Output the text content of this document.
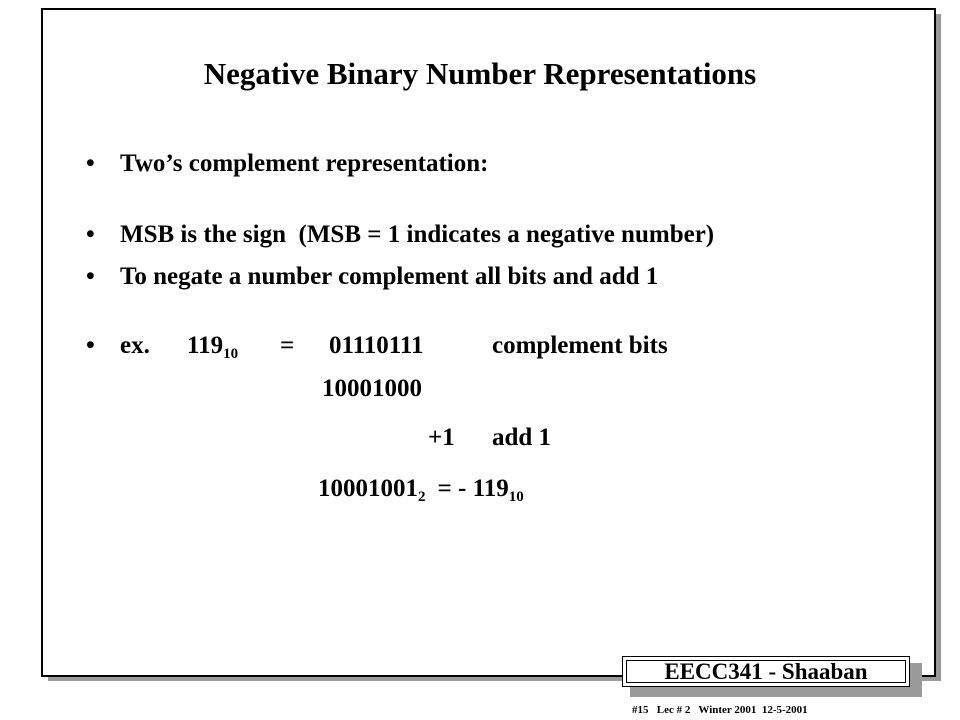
Negative Binary Number Representations
• Two’s complement representation:
• MSB is the sign  (MSB = 1 indicates a negative number)
• To negate a number complement all bits and add 1
• ex. $119_{10} = 01110111$	complement bits
10001000
+1 add 1
$10001001_2$ = - $119_{10}$
EECC341 - Shaaban
#15   Lec # 2   Winter 2001  12-5-2001
